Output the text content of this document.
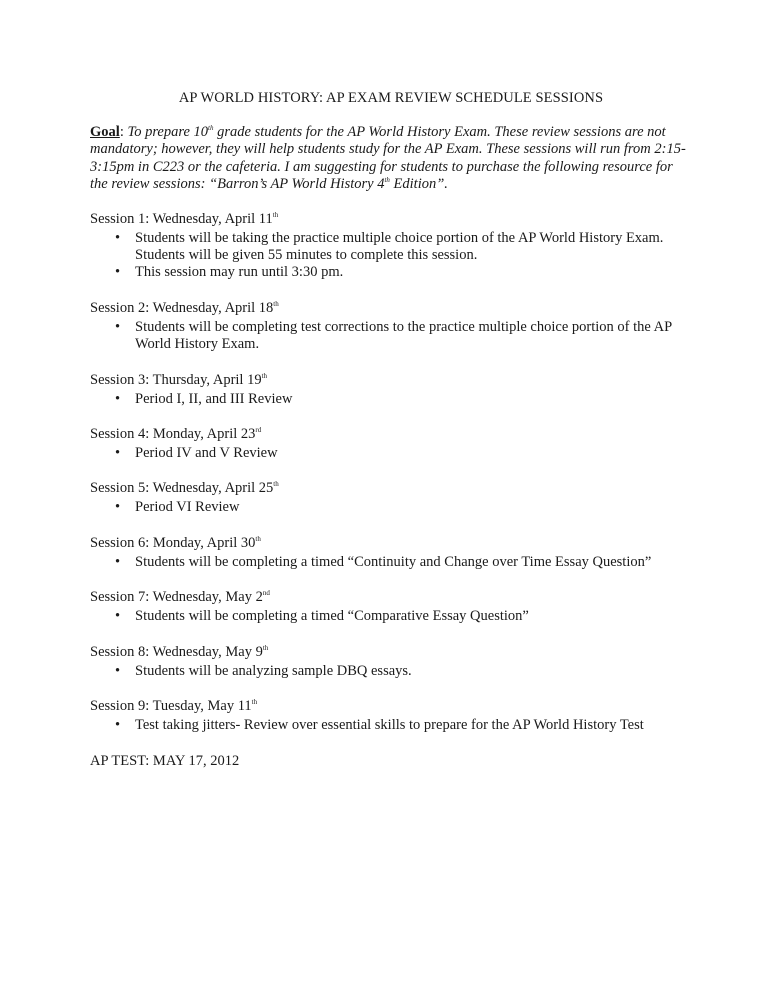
AP WORLD HISTORY: AP EXAM REVIEW SCHEDULE SESSIONS
Goal: To prepare 10th grade students for the AP World History Exam. These review sessions are not mandatory; however, they will help students study for the AP Exam. These sessions will run from 2:15-3:15pm in C223 or the cafeteria. I am suggesting for students to purchase the following resource for the review sessions: “Barron’s AP World History 4th Edition”.
Session 1: Wednesday, April 11th
• Students will be taking the practice multiple choice portion of the AP World History Exam. Students will be given 55 minutes to complete this session.
• This session may run until 3:30 pm.
Session 2: Wednesday, April 18th
• Students will be completing test corrections to the practice multiple choice portion of the AP World History Exam.
Session 3: Thursday, April 19th
• Period I, II, and III Review
Session 4: Monday, April 23rd
• Period IV and V Review
Session 5: Wednesday, April 25th
• Period VI Review
Session 6: Monday, April 30th
• Students will be completing a timed “Continuity and Change over Time Essay Question”
Session 7: Wednesday, May 2nd
• Students will be completing a timed “Comparative Essay Question”
Session 8: Wednesday, May 9th
• Students will be analyzing sample DBQ essays.
Session 9: Tuesday, May 11th
• Test taking jitters- Review over essential skills to prepare for the AP World History Test
AP TEST: MAY 17, 2012
